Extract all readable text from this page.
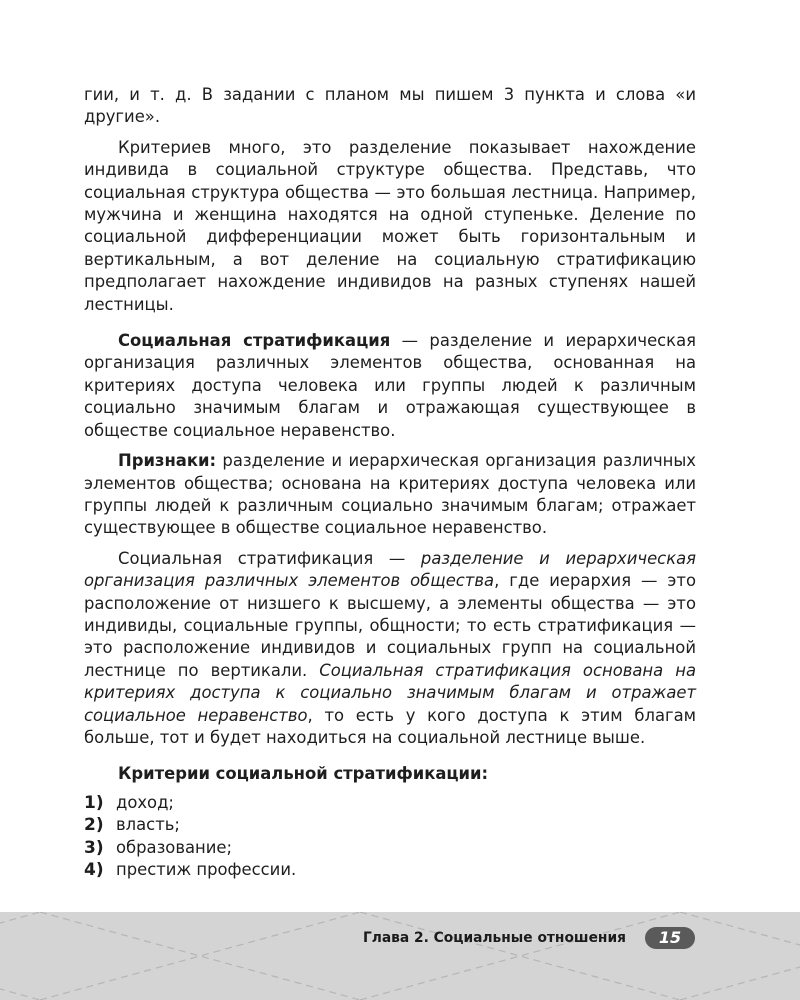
гии, и т. д. В задании с планом мы пишем 3 пункта и слова «и другие».

Критериев много, это разделение показывает нахождение индивида в социальной структуре общества. Представь, что социальная структура общества — это большая лестница. Например, мужчина и женщина находятся на одной ступеньке. Деление по социальной дифференциации может быть горизонтальным и вертикальным, а вот деление на социальную стратификацию предполагает нахождение индивидов на разных ступенях нашей лестницы.

Социальная стратификация — разделение и иерархическая организация различных элементов общества, основанная на критериях доступа человека или группы людей к различным социально значимым благам и отражающая существующее в обществе социальное неравенство.

Признаки: разделение и иерархическая организация различных элементов общества; основана на критериях доступа человека или группы людей к различным социально значимым благам; отражает существующее в обществе социальное неравенство.

Социальная стратификация — разделение и иерархическая организация различных элементов общества, где иерархия — это расположение от низшего к высшему, а элементы общества — это индивиды, социальные группы, общности; то есть стратификация — это расположение индивидов и социальных групп на социальной лестнице по вертикали. Социальная стратификация основана на критериях доступа к социально значимым благам и отражает социальное неравенство, то есть у кого доступа к этим благам больше, тот и будет находиться на социальной лестнице выше.

Критерии социальной стратификации:

1) доход;
2) власть;
3) образование;
4) престиж профессии.
Глава 2. Социальные отношения	15
